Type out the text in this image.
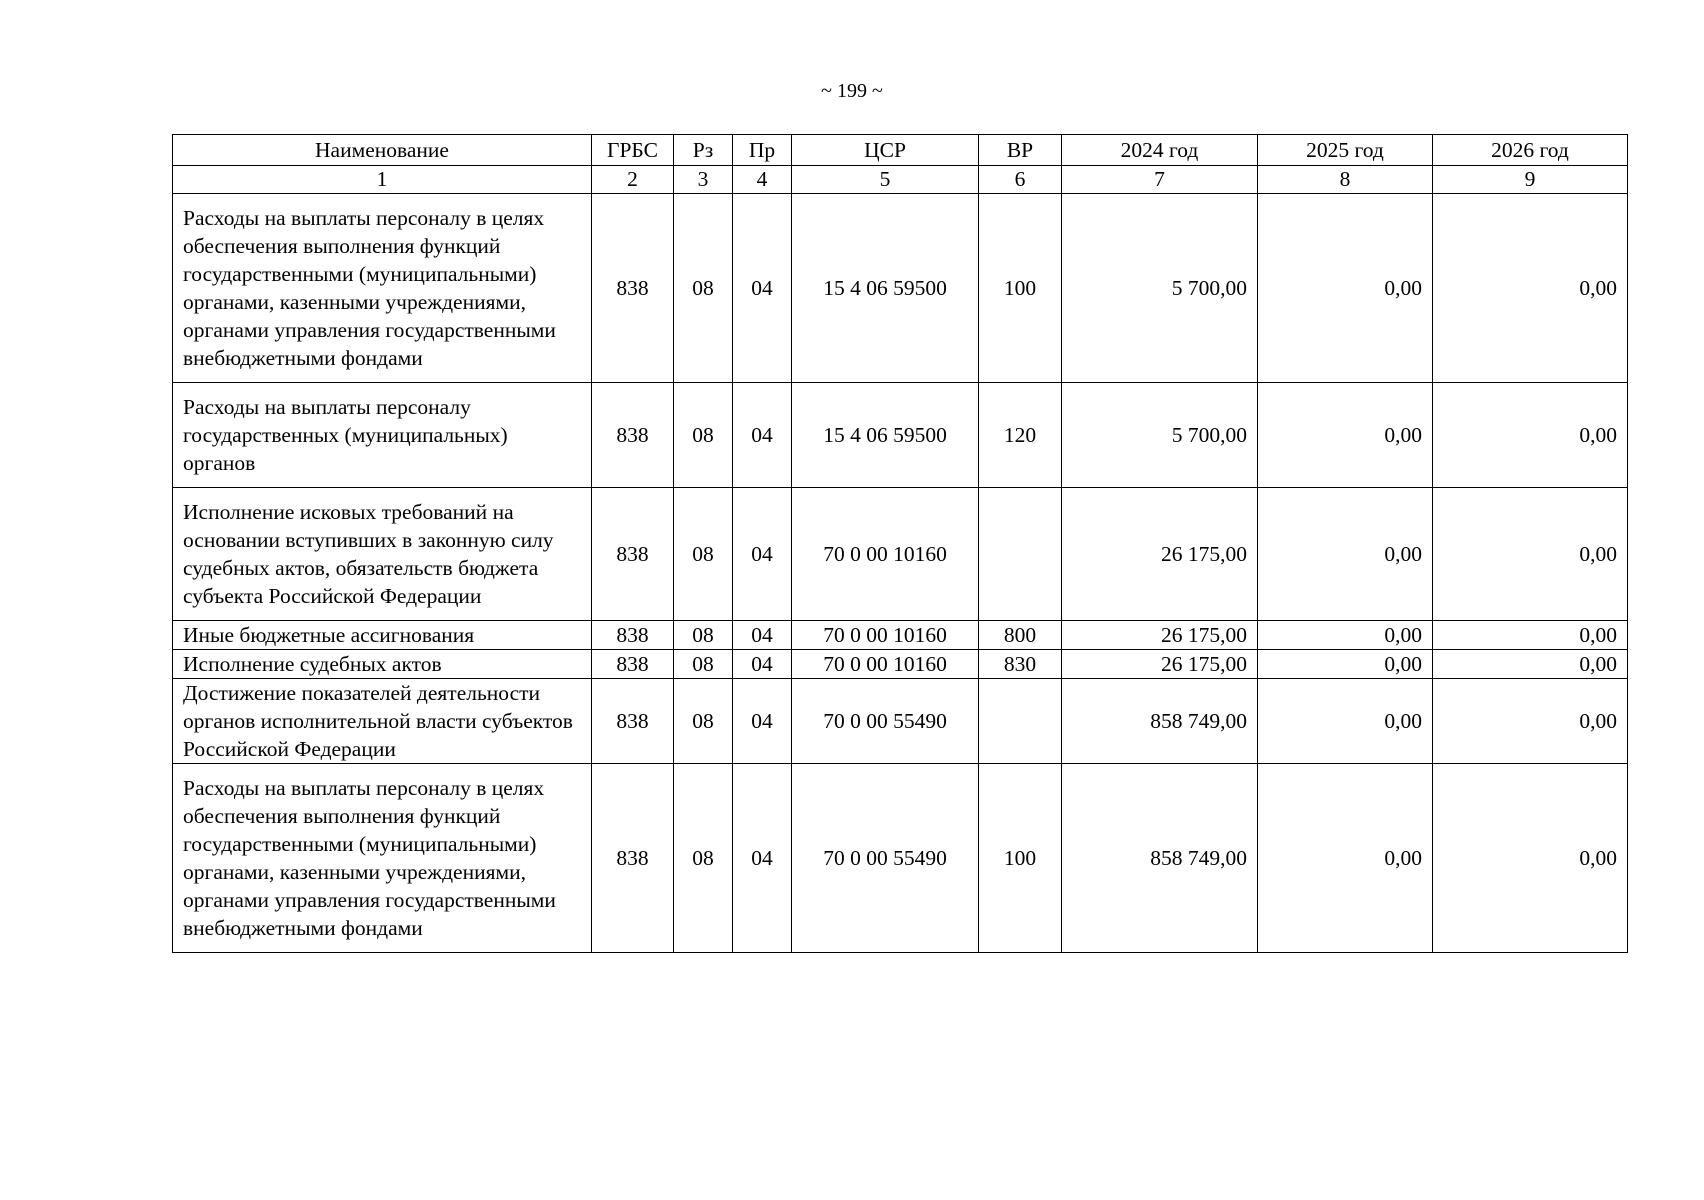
~ 199 ~
Наименование	ГРБС	Рз	Пр	ЦСР	ВР	2024 год	2025 год	2026 год
1	2	3	4	5	6	7	8	9
Расходы на выплаты персоналу в целях обеспечения выполнения функций государственными (муниципальными) органами, казенными учреждениями, органами управления государственными внебюджетными фондами	838	08	04	15 4 06 59500	100	5 700,00	0,00	0,00
Расходы на выплаты персоналу государственных (муниципальных) органов	838	08	04	15 4 06 59500	120	5 700,00	0,00	0,00
Исполнение исковых требований на основании вступивших в законную силу судебных актов, обязательств бюджета субъекта Российской Федерации	838	08	04	70 0 00 10160		26 175,00	0,00	0,00
Иные бюджетные ассигнования	838	08	04	70 0 00 10160	800	26 175,00	0,00	0,00
Исполнение судебных актов	838	08	04	70 0 00 10160	830	26 175,00	0,00	0,00
Достижение показателей деятельности органов исполнительной власти субъектов Российской Федерации	838	08	04	70 0 00 55490		858 749,00	0,00	0,00
Расходы на выплаты персоналу в целях обеспечения выполнения функций государственными (муниципальными) органами, казенными учреждениями, органами управления государственными внебюджетными фондами	838	08	04	70 0 00 55490	100	858 749,00	0,00	0,00
